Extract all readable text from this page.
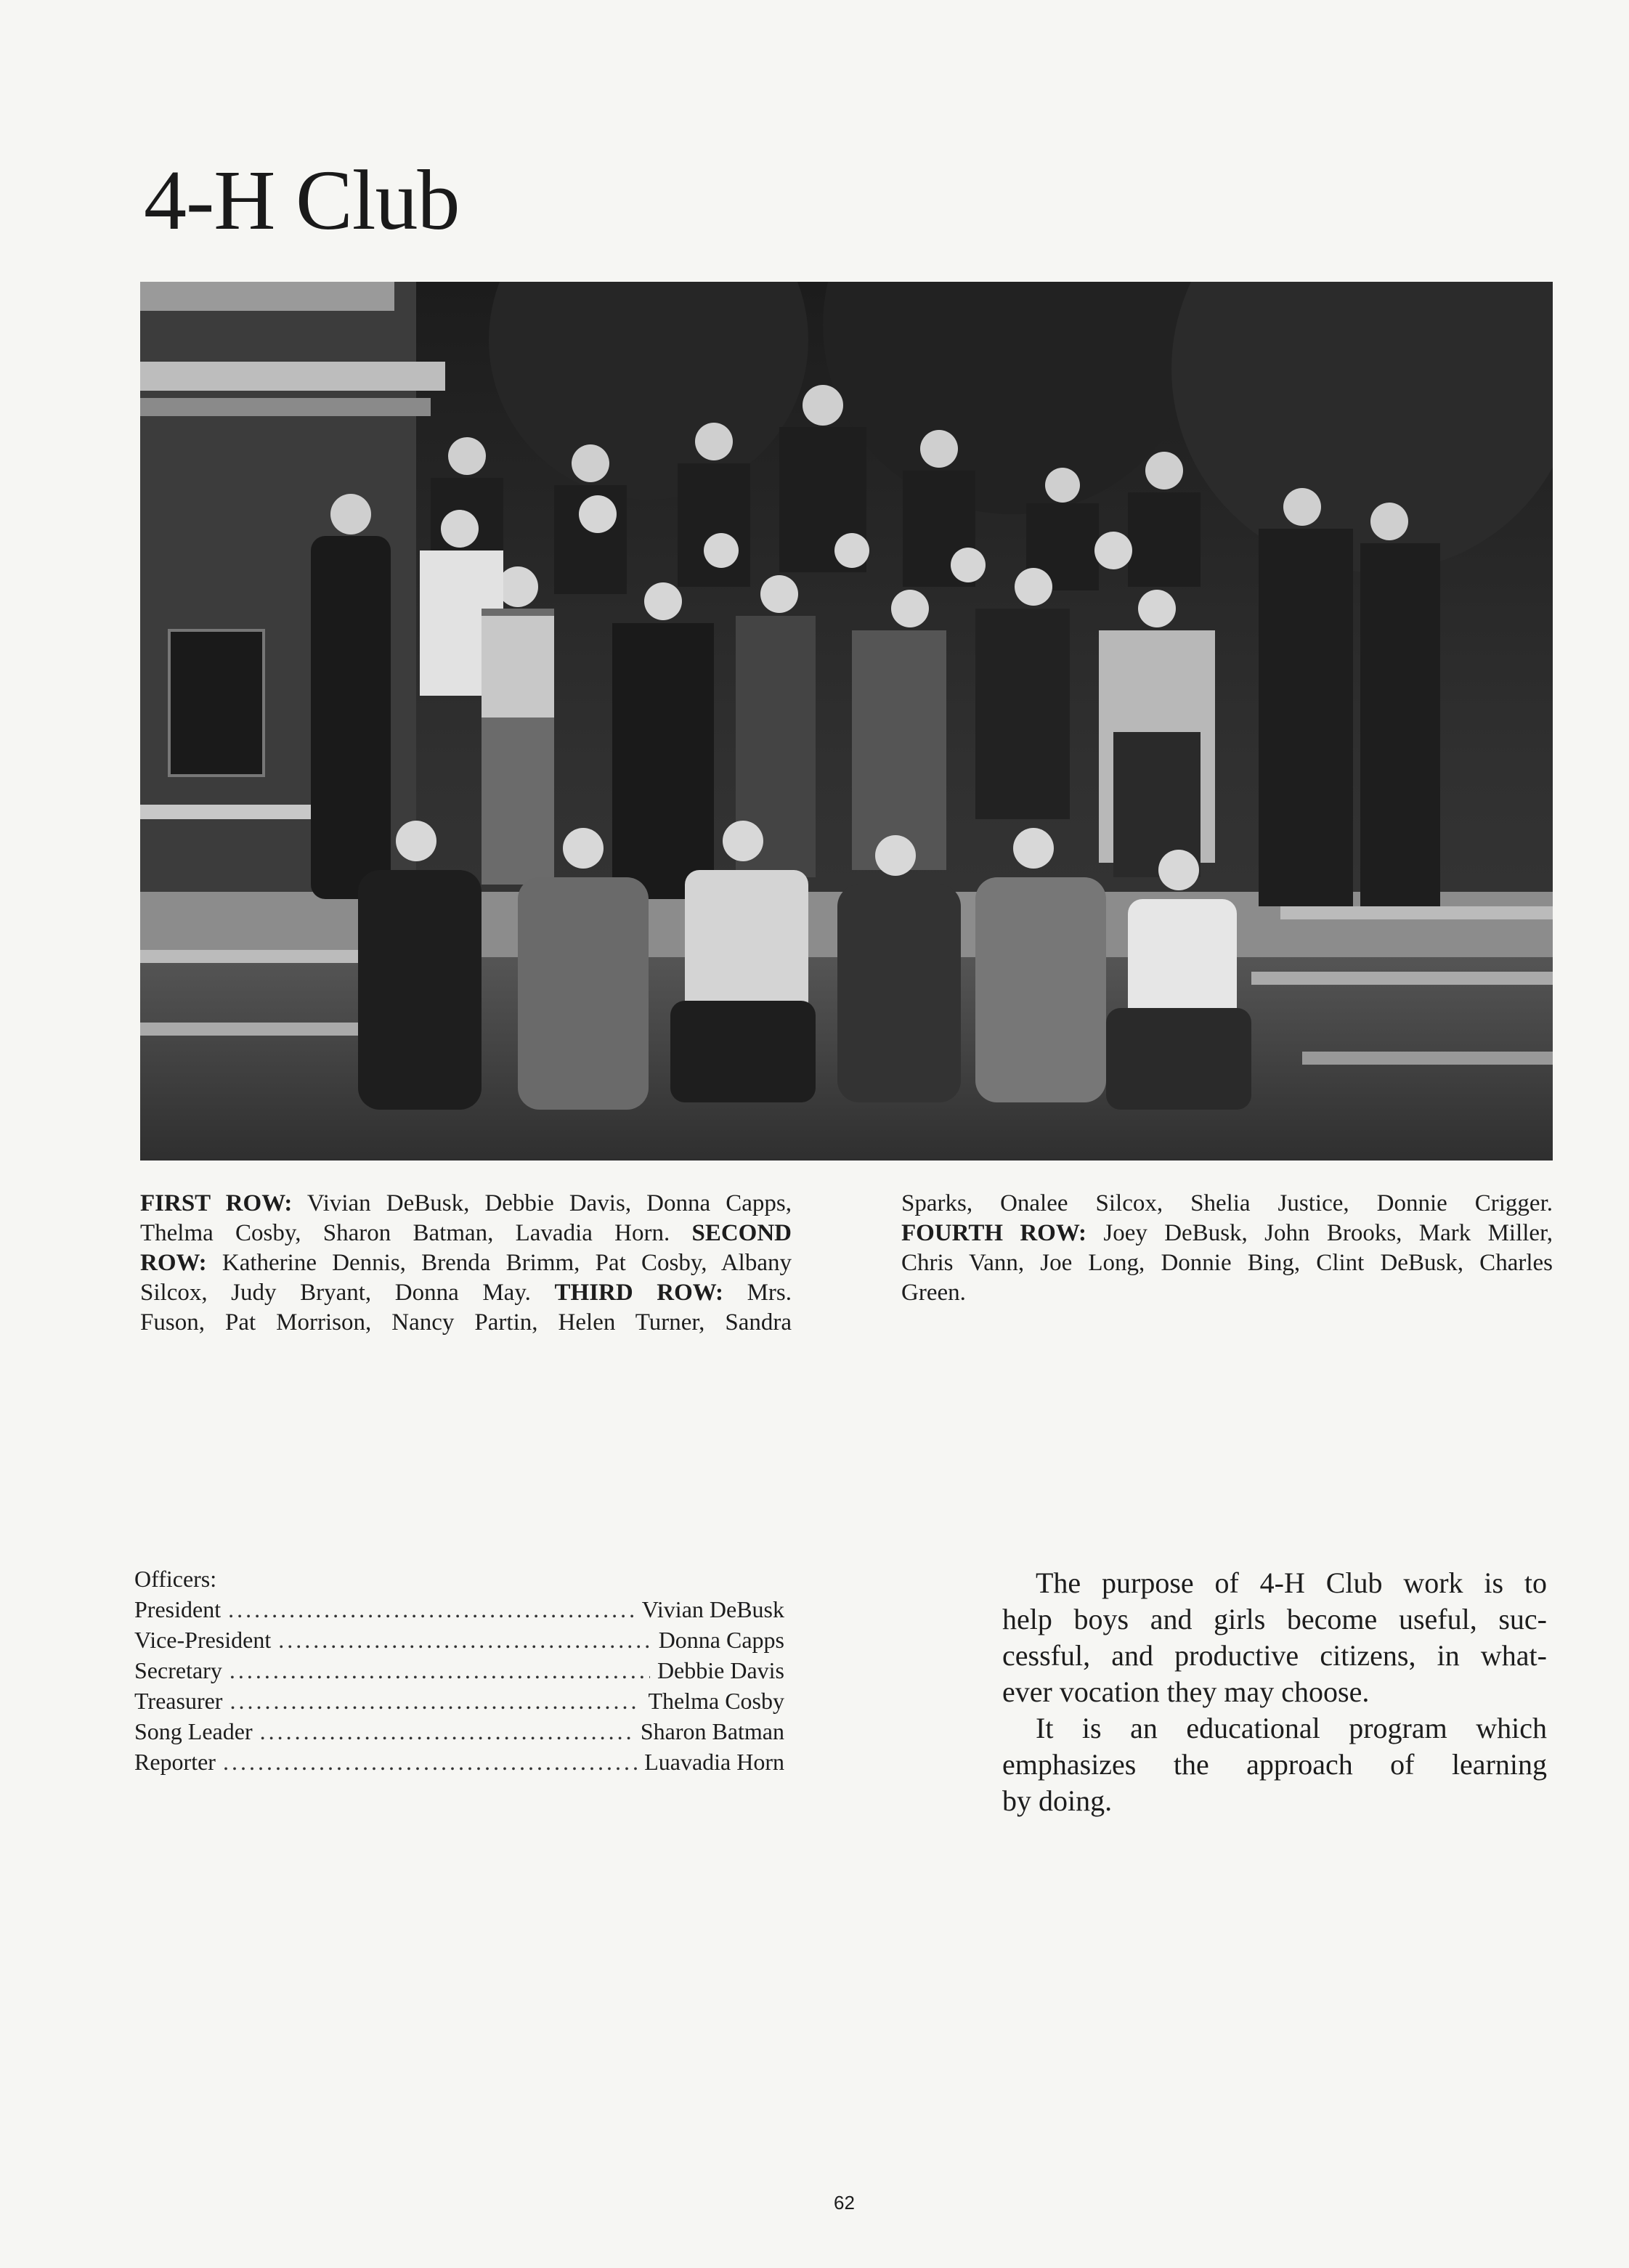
4-H Club
FIRST ROW: Vivian DeBusk, Debbie Davis, Donna Capps,
Thelma Cosby, Sharon Batman, Lavadia Horn. SECOND
ROW: Katherine Dennis, Brenda Brimm, Pat Cosby, Albany
Silcox, Judy Bryant, Donna May. THIRD ROW: Mrs.
Fuson, Pat Morrison, Nancy Partin, Helen Turner, Sandra
Sparks, Onalee Silcox, Shelia Justice, Donnie Crigger.
FOURTH ROW: Joey DeBusk, John Brooks, Mark Miller,
Chris Vann, Joe Long, Donnie Bing, Clint DeBusk, Charles
Green.
Officers:
President .....	Vivian DeBusk
Vice-President .....	Donna Capps
Secretary .....	Debbie Davis
Treasurer .....	Thelma Cosby
Song Leader .....	Sharon Batman
Reporter .....	Luavadia Horn
The purpose of 4-H Club work is to
help boys and girls become useful, suc-
cessful, and productive citizens, in what-
ever vocation they may choose.
It is an educational program which
emphasizes the approach of learning
by doing.
62
